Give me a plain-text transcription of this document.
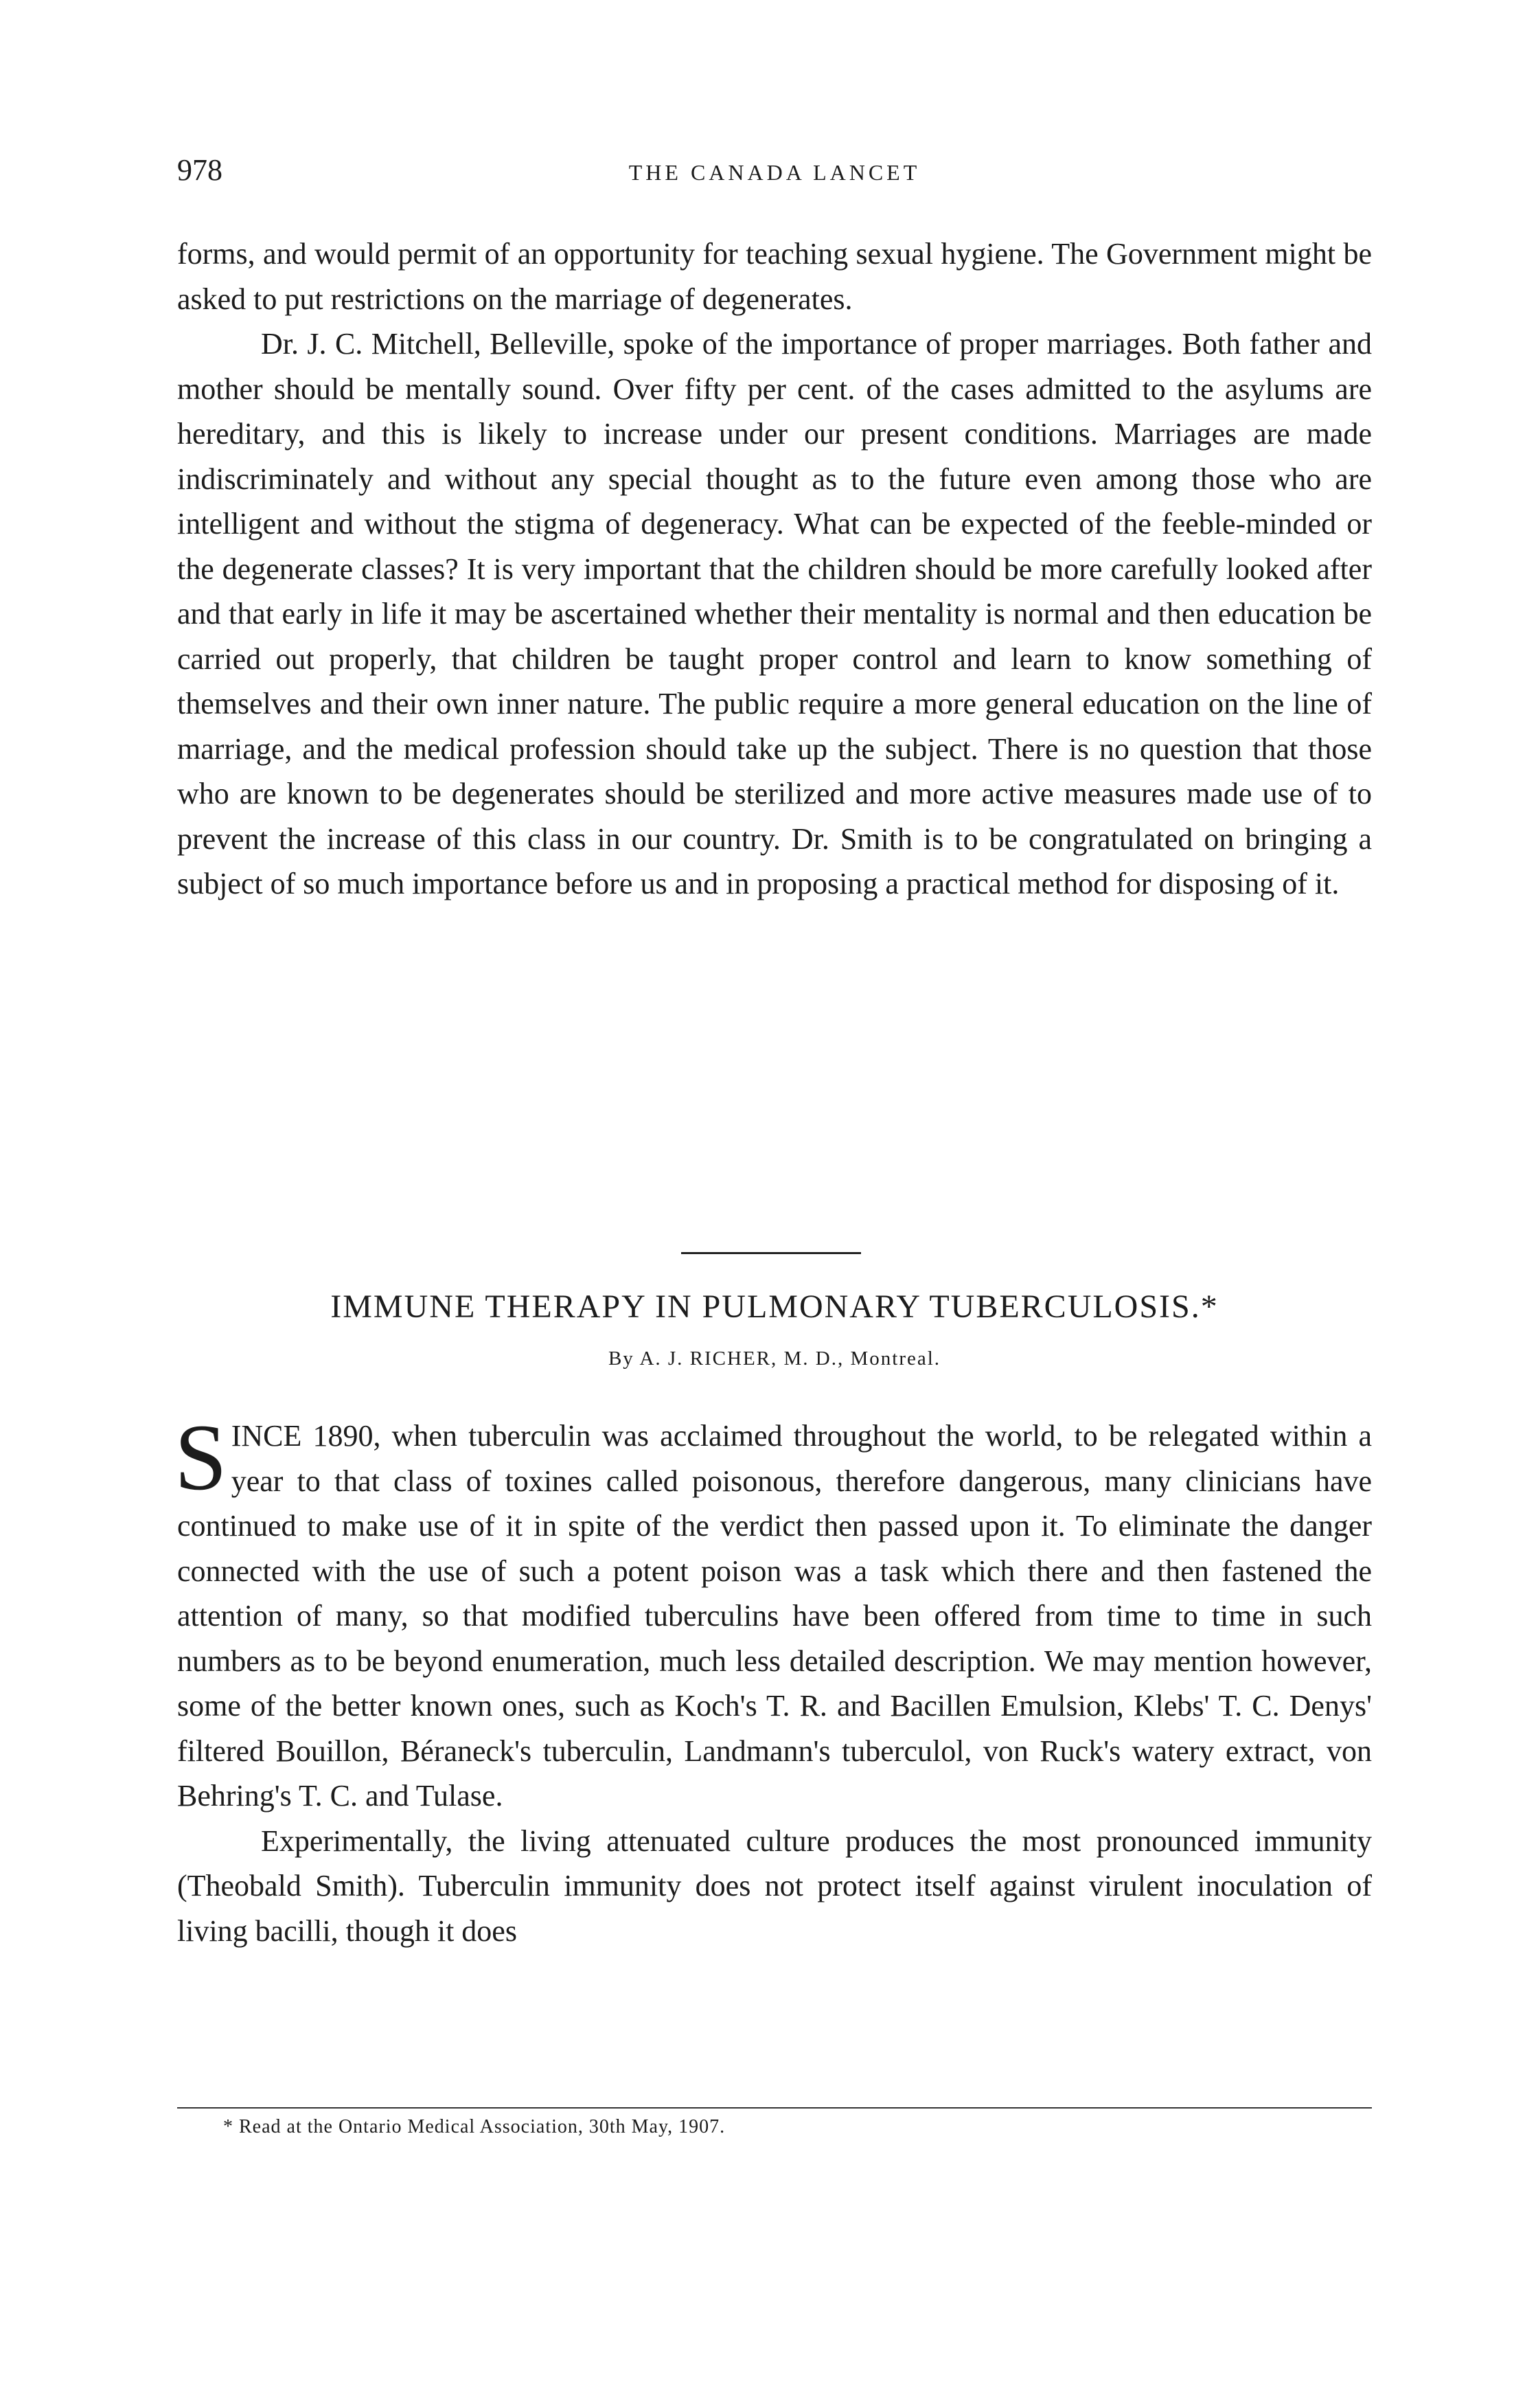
978	THE CANADA LANCET

forms, and would permit of an opportunity for teaching sexual hygiene. The Government might be asked to put restrictions on the marriage of degenerates.

Dr. J. C. Mitchell, Belleville, spoke of the importance of proper marriages. Both father and mother should be mentally sound. Over fifty per cent. of the cases admitted to the asylums are hereditary, and this is likely to increase under our present conditions. Marriages are made indiscriminately and without any special thought as to the future even among those who are intelligent and without the stigma of degeneracy. What can be expected of the feeble-minded or the degenerate classes? It is very important that the children should be more carefully looked after and that early in life it may be ascertained whether their mentality is normal and then education be carried out properly, that children be taught proper control and learn to know something of themselves and their own inner nature. The public require a more general education on the line of marriage, and the medical profession should take up the subject. There is no question that those who are known to be degenerates should be sterilized and more active measures made use of to prevent the increase of this class in our country. Dr. Smith is to be congratulated on bringing a subject of so much importance before us and in proposing a practical method for disposing of it.

IMMUNE THERAPY IN PULMONARY TUBERCULOSIS.*
By A. J. RICHER, M. D., Montreal.

SINCE 1890, when tuberculin was acclaimed throughout the world, to be relegated within a year to that class of toxines called poisonous, therefore dangerous, many clinicians have continued to make use of it in spite of the verdict then passed upon it. To eliminate the danger connected with the use of such a potent poison was a task which there and then fastened the attention of many, so that modified tuberculins have been offered from time to time in such numbers as to be beyond enumeration, much less detailed description. We may mention however, some of the better known ones, such as Koch's T. R. and Bacillen Emulsion, Klebs' T. C. Denys' filtered Bouillon, Béraneck's tuberculin, Landmann's tuberculol, von Ruck's watery extract, von Behring's T. C. and Tulase.

Experimentally, the living attenuated culture produces the most pronounced immunity (Theobald Smith). Tuberculin immunity does not protect itself against virulent inoculation of living bacilli, though it does

* Read at the Ontario Medical Association, 30th May, 1907.
